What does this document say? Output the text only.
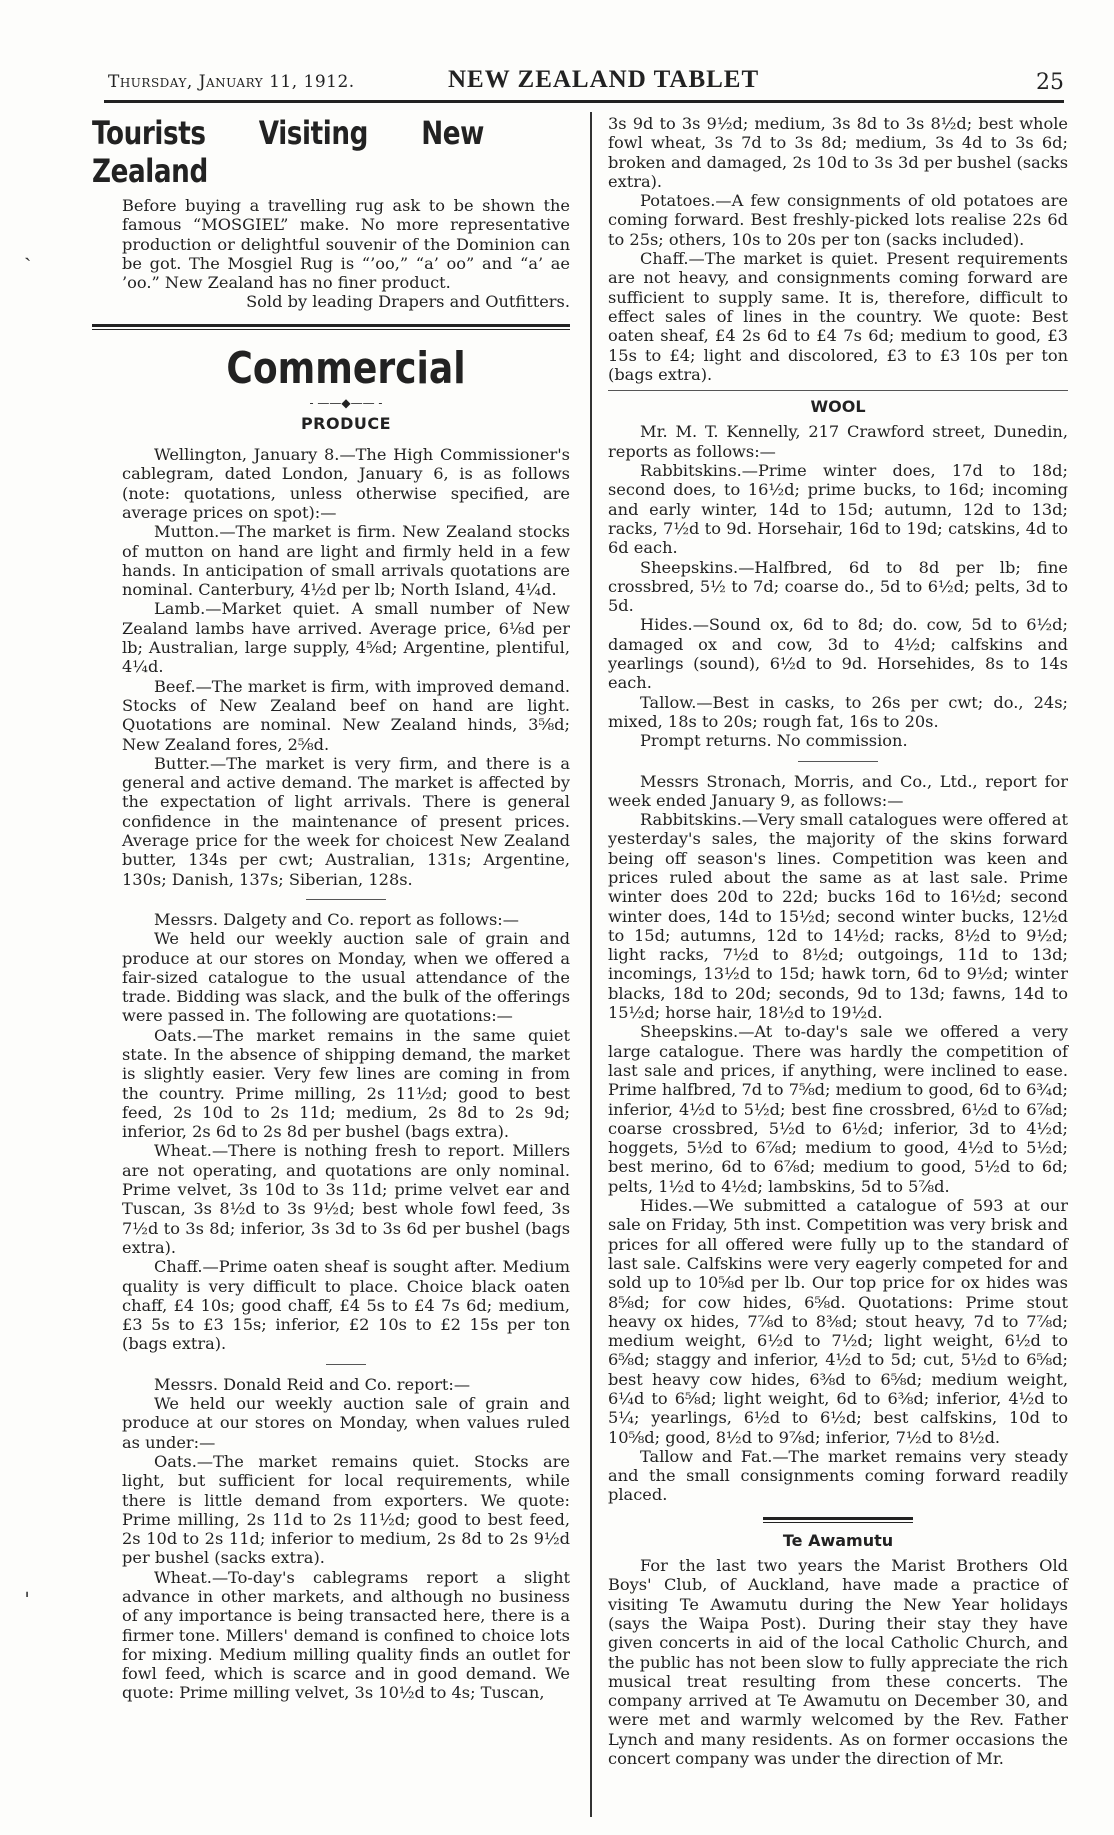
Thursday, January 11, 1912.	NEW ZEALAND TABLET	25
ˏ
ˌ
Tourists Visiting New Zealand

Before buying a travelling rug ask to be shown the famous “MOSGIEL” make. No more representative production or delightful souvenir of the Dominion can be got. The Mosgiel Rug is “’oo,” “a’ oo” and “a’ ae ’oo.” New Zealand has no finer product.

Sold by leading Drapers and Outfitters.

Commercial
- ——◆—— -
PRODUCE

Wellington, January 8.—The High Commissioner's cablegram, dated London, January 6, is as follows (note: quotations, unless otherwise specified, are average prices on spot):—

Mutton.—The market is firm. New Zealand stocks of mutton on hand are light and firmly held in a few hands. In anticipation of small arrivals quotations are nominal. Canterbury, 4½d per lb; North Island, 4¼d.

Lamb.—Market quiet. A small number of New Zealand lambs have arrived. Average price, 6⅛d per lb; Australian, large supply, 4⅝d; Argentine, plentiful, 4¼d.

Beef.—The market is firm, with improved demand. Stocks of New Zealand beef on hand are light. Quotations are nominal. New Zealand hinds, 3⅝d; New Zealand fores, 2⅝d.

Butter.—The market is very firm, and there is a general and active demand. The market is affected by the expectation of light arrivals. There is general confidence in the maintenance of present prices. Average price for the week for choicest New Zealand butter, 134s per cwt; Australian, 131s; Argentine, 130s; Danish, 137s; Siberian, 128s.

Messrs. Dalgety and Co. report as follows:—

We held our weekly auction sale of grain and produce at our stores on Monday, when we offered a fair-sized catalogue to the usual attendance of the trade. Bidding was slack, and the bulk of the offerings were passed in. The following are quotations:—

Oats.—The market remains in the same quiet state. In the absence of shipping demand, the market is slightly easier. Very few lines are coming in from the country. Prime milling, 2s 11½d; good to best feed, 2s 10d to 2s 11d; medium, 2s 8d to 2s 9d; inferior, 2s 6d to 2s 8d per bushel (bags extra).

Wheat.—There is nothing fresh to report. Millers are not operating, and quotations are only nominal. Prime velvet, 3s 10d to 3s 11d; prime velvet ear and Tuscan, 3s 8½d to 3s 9½d; best whole fowl feed, 3s 7½d to 3s 8d; inferior, 3s 3d to 3s 6d per bushel (bags extra).

Chaff.—Prime oaten sheaf is sought after. Medium quality is very difficult to place. Choice black oaten chaff, £4 10s; good chaff, £4 5s to £4 7s 6d; medium, £3 5s to £3 15s; inferior, £2 10s to £2 15s per ton (bags extra).

Messrs. Donald Reid and Co. report:—

We held our weekly auction sale of grain and produce at our stores on Monday, when values ruled as under:—

Oats.—The market remains quiet. Stocks are light, but sufficient for local requirements, while there is little demand from exporters. We quote: Prime milling, 2s 11d to 2s 11½d; good to best feed, 2s 10d to 2s 11d; inferior to medium, 2s 8d to 2s 9½d per bushel (sacks extra).

Wheat.—To-day's cablegrams report a slight advance in other markets, and although no business of any importance is being transacted here, there is a firmer tone. Millers' demand is confined to choice lots for mixing. Medium milling quality finds an outlet for fowl feed, which is scarce and in good demand. We quote: Prime milling velvet, 3s 10½d to 4s; Tuscan,

3s 9d to 3s 9½d; medium, 3s 8d to 3s 8½d; best whole fowl wheat, 3s 7d to 3s 8d; medium, 3s 4d to 3s 6d; broken and damaged, 2s 10d to 3s 3d per bushel (sacks extra).

Potatoes.—A few consignments of old potatoes are coming forward. Best freshly-picked lots realise 22s 6d to 25s; others, 10s to 20s per ton (sacks included).

Chaff.—The market is quiet. Present requirements are not heavy, and consignments coming forward are sufficient to supply same. It is, therefore, difficult to effect sales of lines in the country. We quote: Best oaten sheaf, £4 2s 6d to £4 7s 6d; medium to good, £3 15s to £4; light and discolored, £3 to £3 10s per ton (bags extra).

WOOL

Mr. M. T. Kennelly, 217 Crawford street, Dunedin, reports as follows:—

Rabbitskins.—Prime winter does, 17d to 18d; second does, to 16½d; prime bucks, to 16d; incoming and early winter, 14d to 15d; autumn, 12d to 13d; racks, 7½d to 9d. Horsehair, 16d to 19d; catskins, 4d to 6d each.

Sheepskins.—Halfbred, 6d to 8d per lb; fine crossbred, 5½ to 7d; coarse do., 5d to 6½d; pelts, 3d to 5d.

Hides.—Sound ox, 6d to 8d; do. cow, 5d to 6½d; damaged ox and cow, 3d to 4½d; calfskins and yearlings (sound), 6½d to 9d. Horsehides, 8s to 14s each.

Tallow.—Best in casks, to 26s per cwt; do., 24s; mixed, 18s to 20s; rough fat, 16s to 20s.

Prompt returns. No commission.

Messrs Stronach, Morris, and Co., Ltd., report for week ended January 9, as follows:—

Rabbitskins.—Very small catalogues were offered at yesterday's sales, the majority of the skins forward being off season's lines. Competition was keen and prices ruled about the same as at last sale. Prime winter does 20d to 22d; bucks 16d to 16½d; second winter does, 14d to 15½d; second winter bucks, 12½d to 15d; autumns, 12d to 14½d; racks, 8½d to 9½d; light racks, 7½d to 8½d; outgoings, 11d to 13d; incomings, 13½d to 15d; hawk torn, 6d to 9½d; winter blacks, 18d to 20d; seconds, 9d to 13d; fawns, 14d to 15½d; horse hair, 18½d to 19½d.

Sheepskins.—At to-day's sale we offered a very large catalogue. There was hardly the competition of last sale and prices, if anything, were inclined to ease. Prime halfbred, 7d to 7⅝d; medium to good, 6d to 6¾d; inferior, 4½d to 5½d; best fine crossbred, 6½d to 6⅞d; coarse crossbred, 5½d to 6½d; inferior, 3d to 4½d; hoggets, 5½d to 6⅞d; medium to good, 4½d to 5½d; best merino, 6d to 6⅞d; medium to good, 5½d to 6d; pelts, 1½d to 4½d; lambskins, 5d to 5⅞d.

Hides.—We submitted a catalogue of 593 at our sale on Friday, 5th inst. Competition was very brisk and prices for all offered were fully up to the standard of last sale. Calfskins were very eagerly competed for and sold up to 10⅝d per lb. Our top price for ox hides was 8⅝d; for cow hides, 6⅝d. Quotations: Prime stout heavy ox hides, 7⅞d to 8⅜d; stout heavy, 7d to 7⅞d; medium weight, 6½d to 7½d; light weight, 6½d to 6⅝d; staggy and inferior, 4½d to 5d; cut, 5½d to 6⅝d; best heavy cow hides, 6⅜d to 6⅝d; medium weight, 6¼d to 6⅝d; light weight, 6d to 6⅜d; inferior, 4½d to 5¼; yearlings, 6½d to 6½d; best calfskins, 10d to 10⅝d; good, 8½d to 9⅞d; inferior, 7½d to 8½d.

Tallow and Fat.—The market remains very steady and the small consignments coming forward readily placed.

Te Awamutu

For the last two years the Marist Brothers Old Boys' Club, of Auckland, have made a practice of visiting Te Awamutu during the New Year holidays (says the Waipa Post). During their stay they have given concerts in aid of the local Catholic Church, and the public has not been slow to fully appreciate the rich musical treat resulting from these concerts. The company arrived at Te Awamutu on December 30, and were met and warmly welcomed by the Rev. Father Lynch and many residents. As on former occasions the concert company was under the direction of Mr.
